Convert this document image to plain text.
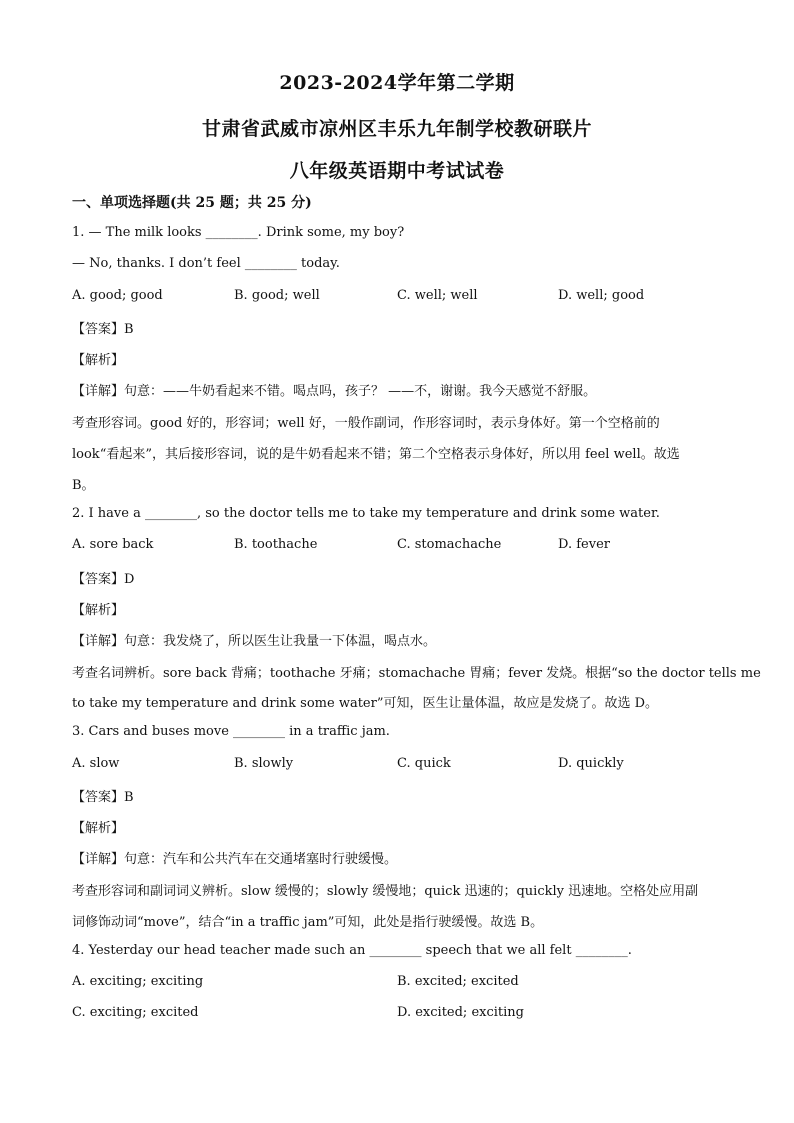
2023-2024学年第二学期
甘肃省武威市凉州区丰乐九年制学校教研联片
八年级英语期中考试试卷
一、单项选择题(共 25 题；共 25 分)
1. — The milk looks ________. Drink some, my boy?
— No, thanks. I don’t feel ________ today.
A. good; good	B. good; well	C. well; well	D. well; good
【答案】B
【解析】
【详解】句意：——牛奶看起来不错。喝点吗，孩子？ ——不，谢谢。我今天感觉不舒服。
考查形容词。good 好的，形容词；well 好，一般作副词，作形容词时，表示身体好。第一个空格前的
look“看起来”，其后接形容词，说的是牛奶看起来不错；第二个空格表示身体好，所以用 feel well。故选
B。
2. I have a ________, so the doctor tells me to take my temperature and drink some water.
A. sore back	B. toothache	C. stomachache	D. fever
【答案】D
【解析】
【详解】句意：我发烧了，所以医生让我量一下体温，喝点水。
考查名词辨析。sore back 背痛；toothache 牙痛；stomachache 胃痛；fever 发烧。根据“so the doctor tells me
to take my temperature and drink some water”可知，医生让量体温，故应是发烧了。故选 D。
3. Cars and buses move ________ in a traffic jam.
A. slow	B. slowly	C. quick	D. quickly
【答案】B
【解析】
【详解】句意：汽车和公共汽车在交通堵塞时行驶缓慢。
考查形容词和副词词义辨析。slow 缓慢的；slowly 缓慢地；quick 迅速的；quickly 迅速地。空格处应用副
词修饰动词“move”，结合“in a traffic jam”可知，此处是指行驶缓慢。故选 B。
4. Yesterday our head teacher made such an ________ speech that we all felt ________.
A. exciting; exciting	B. excited; excited
C. exciting; excited	D. excited; exciting
